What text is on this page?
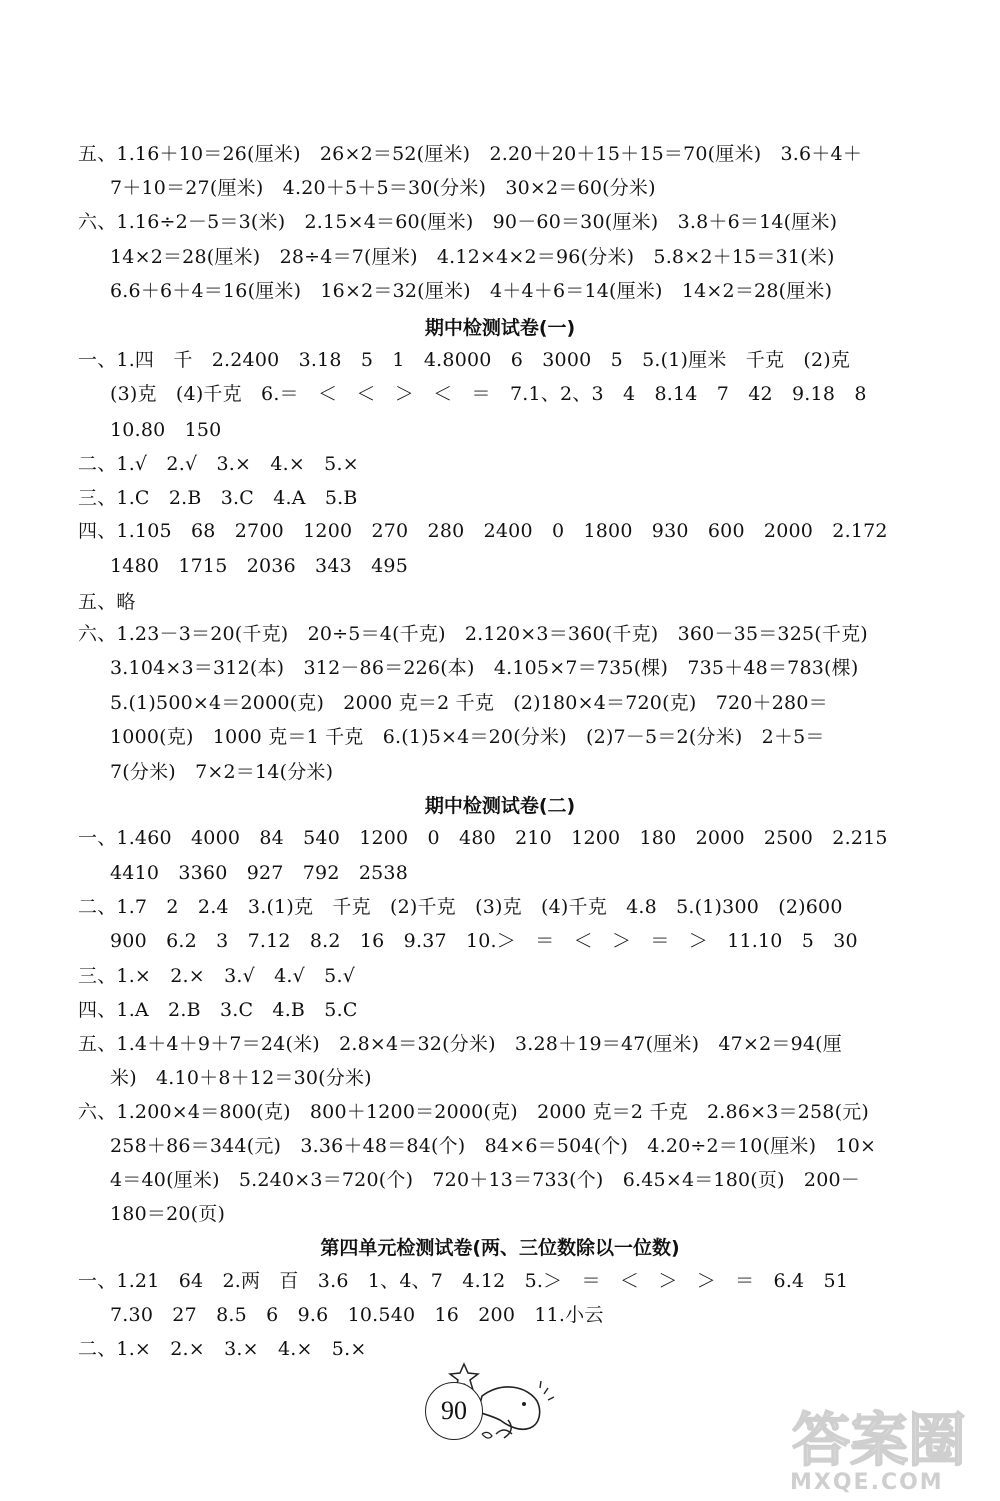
五、1.16＋10＝26(厘米)　26×2＝52(厘米)　2.20＋20＋15＋15＝70(厘米)　3.6＋4＋
7＋10＝27(厘米)　4.20＋5＋5＝30(分米)　30×2＝60(分米)
六、1.16÷2－5＝3(米)　2.15×4＝60(厘米)　90－60＝30(厘米)　3.8＋6＝14(厘米)
14×2＝28(厘米)　28÷4＝7(厘米)　4.12×4×2＝96(分米)　5.8×2＋15＝31(米)
6.6＋6＋4＝16(厘米)　16×2＝32(厘米)　4＋4＋6＝14(厘米)　14×2＝28(厘米)
期中检测试卷(一)
一、1.四　千　2.2400　3.18　5　1　4.8000　6　3000　5　5.(1)厘米　千克　(2)克
(3)克　(4)千克　6.＝　＜　＜　＞　＜　＝　7.1、2、3　4　8.14　7　42　9.18　8
10.80　150
二、1.√　2.√　3.×　4.×　5.×
三、1.C　2.B　3.C　4.A　5.B
四、1.105　68　2700　1200　270　280　2400　0　1800　930　600　2000　2.172
1480　1715　2036　343　495
五、略
六、1.23－3＝20(千克)　20÷5＝4(千克)　2.120×3＝360(千克)　360－35＝325(千克)
3.104×3＝312(本)　312－86＝226(本)　4.105×7＝735(棵)　735＋48＝783(棵)
5.(1)500×4＝2000(克)　2000 克＝2 千克　(2)180×4＝720(克)　720＋280＝
1000(克)　1000 克＝1 千克　6.(1)5×4＝20(分米)　(2)7－5＝2(分米)　2＋5＝
7(分米)　7×2＝14(分米)
期中检测试卷(二)
一、1.460　4000　84　540　1200　0　480　210　1200　180　2000　2500　2.215
4410　3360　927　792　2538
二、1.7　2　2.4　3.(1)克　千克　(2)千克　(3)克　(4)千克　4.8　5.(1)300　(2)600
900　6.2　3　7.12　8.2　16　9.37　10.＞　＝　＜　＞　＝　＞　11.10　5　30
三、1.×　2.×　3.√　4.√　5.√
四、1.A　2.B　3.C　4.B　5.C
五、1.4＋4＋9＋7＝24(米)　2.8×4＝32(分米)　3.28＋19＝47(厘米)　47×2＝94(厘
米)　4.10＋8＋12＝30(分米)
六、1.200×4＝800(克)　800＋1200＝2000(克)　2000 克＝2 千克　2.86×3＝258(元)
258＋86＝344(元)　3.36＋48＝84(个)　84×6＝504(个)　4.20÷2＝10(厘米)　10×
4＝40(厘米)　5.240×3＝720(个)　720＋13＝733(个)　6.45×4＝180(页)　200－
180＝20(页)
第四单元检测试卷(两、三位数除以一位数)
一、1.21　64　2.两　百　3.6　1、4、7　4.12　5.＞　＝　＜　＞　＞　＝　6.4　51
7.30　27　8.5　6　9.6　10.540　16　200　11.小云
二、1.×　2.×　3.×　4.×　5.×
90	答案圈
MXQE.COM
